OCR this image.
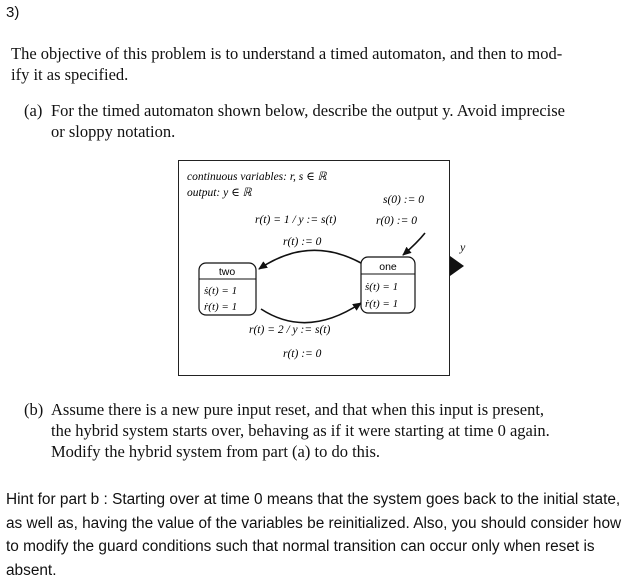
3)
The objective of this problem is to understand a timed automaton, and then to mod-
ify it as specified.
(a) For the timed automaton shown below, describe the output y. Avoid imprecise
or sloppy notation.
continuous variables: r, s ∈ ℝ
output: y ∈ ℝ
s(0) := 0
r(0) := 0
r(t) = 1 / y := s(t)
r(t) := 0
two
ṡ(t) = 1
ṙ(t) = 1
one
ṡ(t) = 1
ṙ(t) = 1
r(t) = 2 / y := s(t)
r(t) := 0
y
(b) Assume there is a new pure input reset, and that when this input is present,
the hybrid system starts over, behaving as if it were starting at time 0 again.
Modify the hybrid system from part (a) to do this.
Hint for part b : Starting over at time 0 means that the system goes back to the initial state, as well as, having the value of the variables be reinitialized. Also, you should consider how to modify the guard conditions such that normal transition can occur only when reset is absent.
